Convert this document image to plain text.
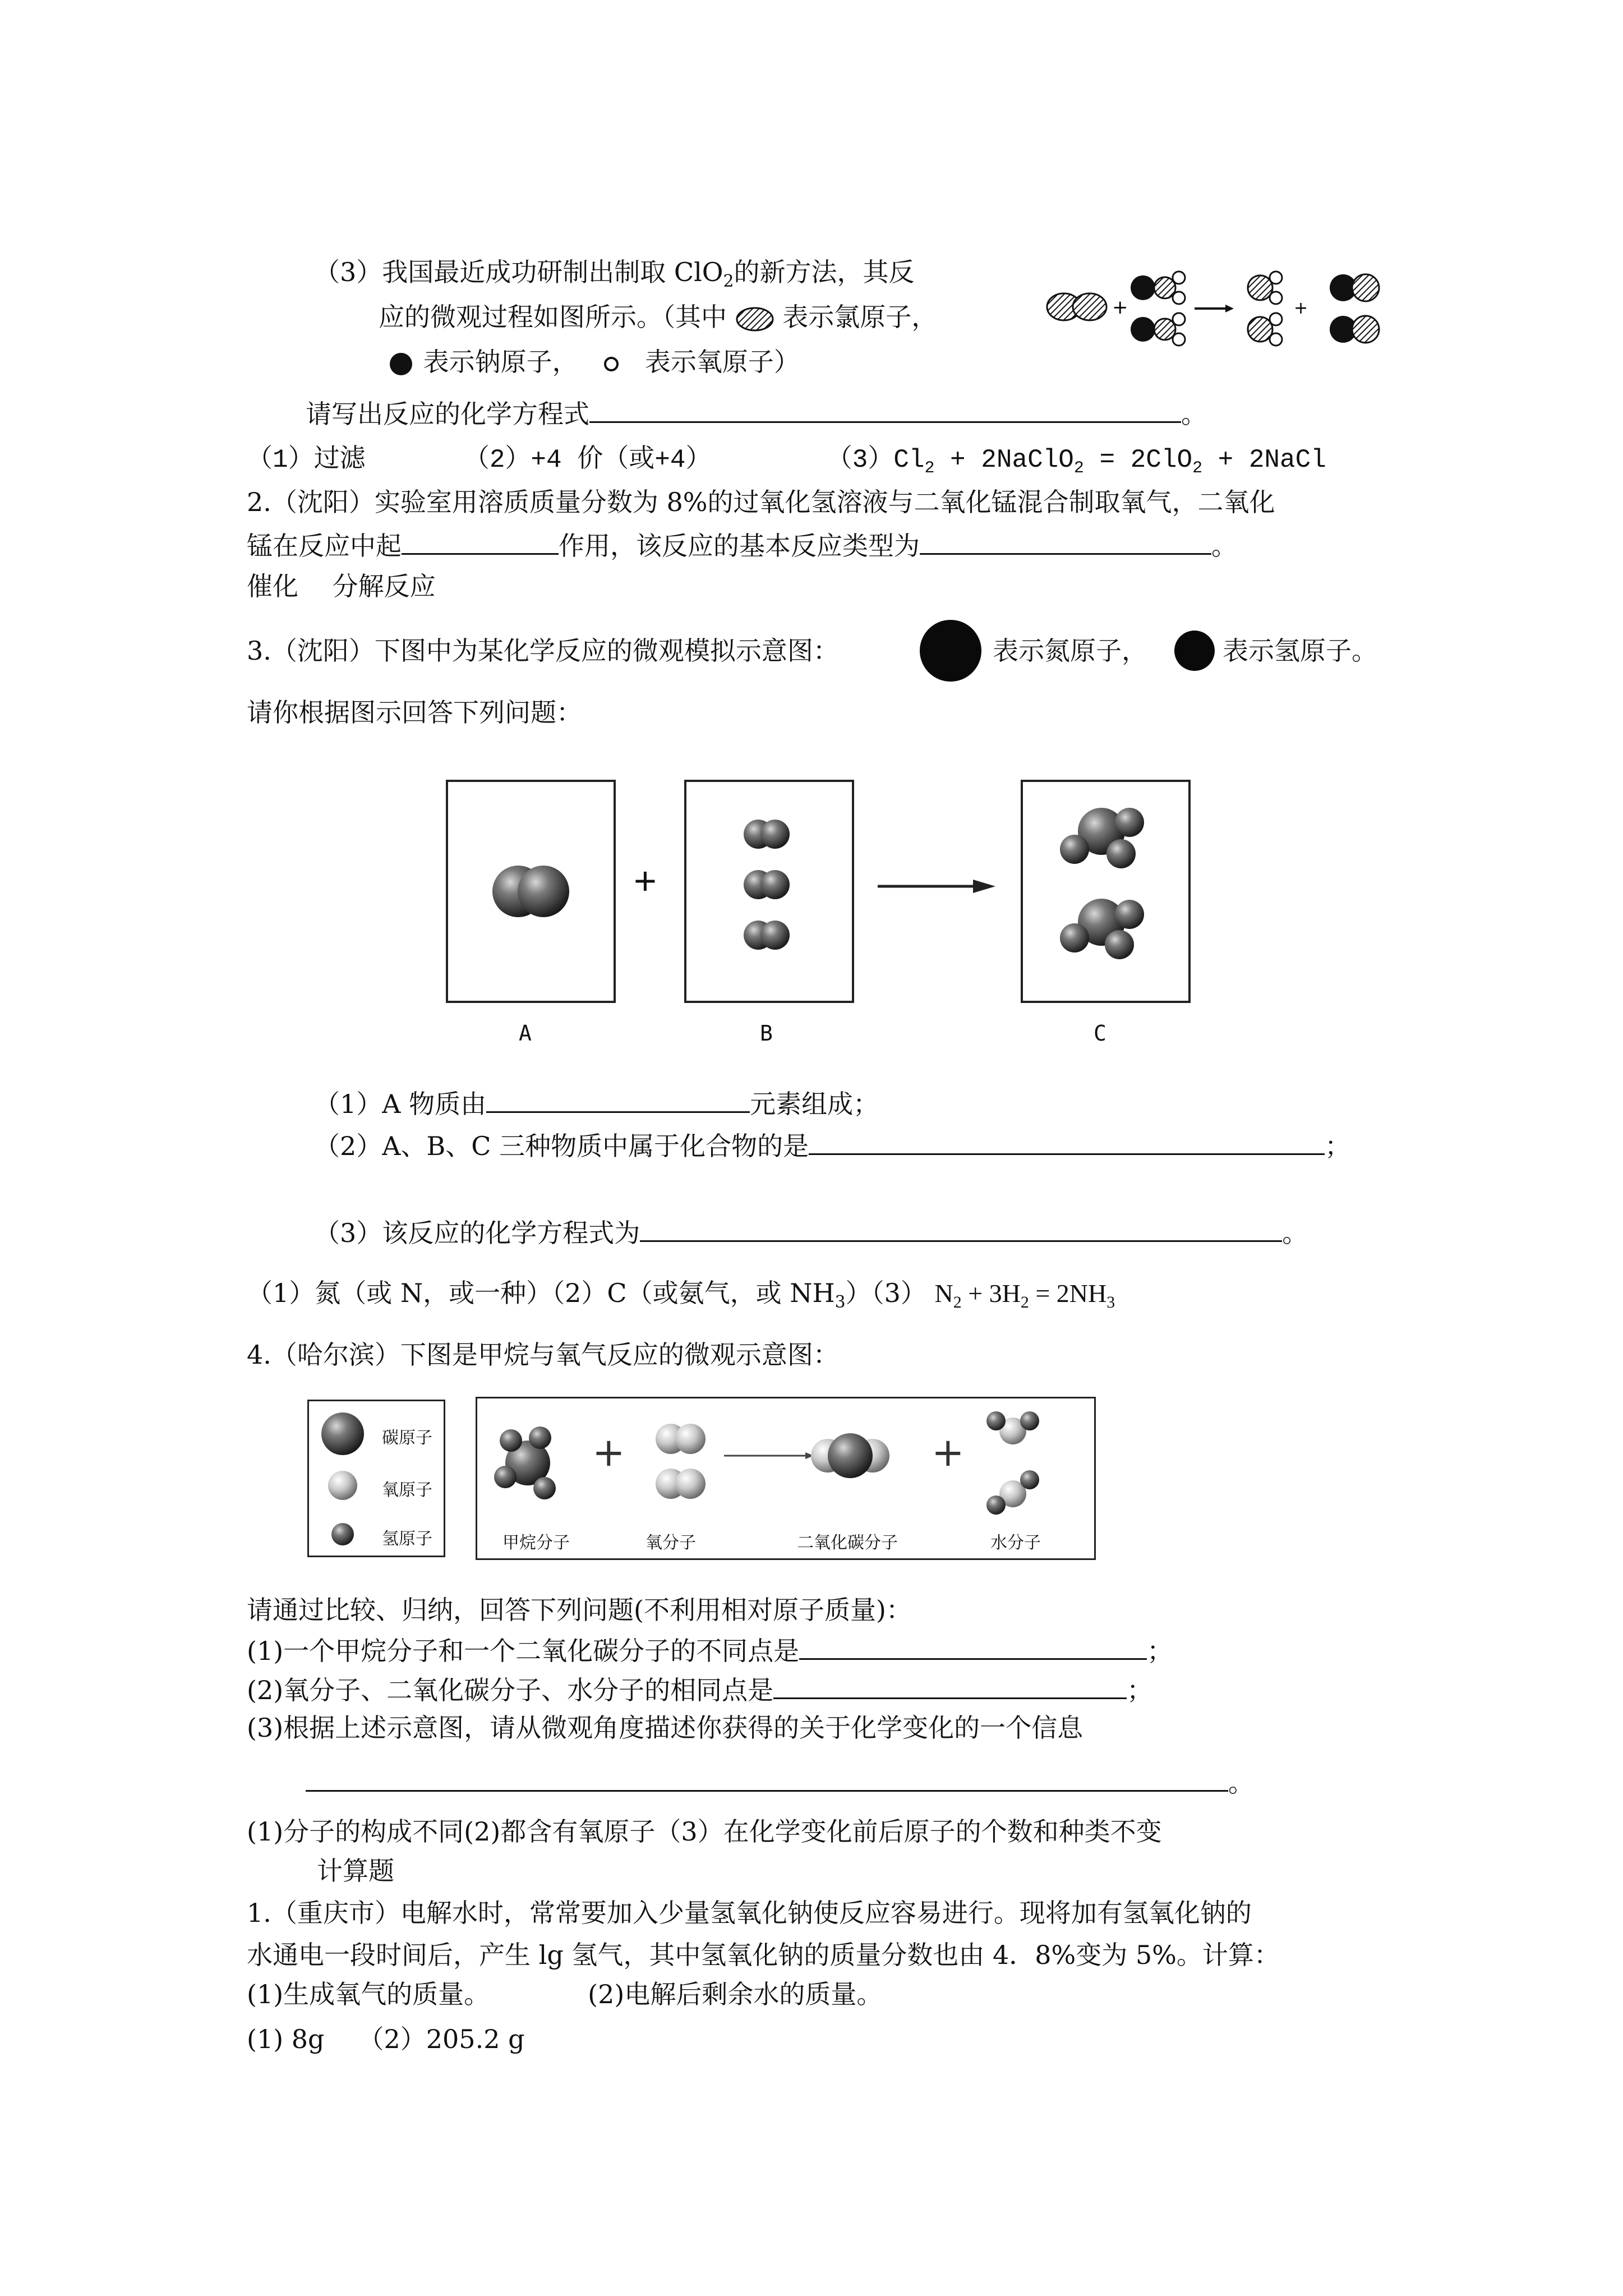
（3）我国最近成功研制出制取 ClO$_2$的新方法，其反
应的微观过程如图所示。（其中 表示氯原子，
表示钠原子，	表示氧原子）
请写出反应的化学方程式	。
+	+
（1）过滤	（2）+4 价（或+4）	$(3)Cl_2$ + 2NaClO$_2$ = 2ClO$_2$ + 2NaCl
2.（沈阳）实验室用溶质质量分数为 8%的过氧化氢溶液与二氧化锰混合制取氧气，二氧化
锰在反应中起	作用，该反应的基本反应类型为	。
催化　 分解反应
3.（沈阳）下图中为某化学反应的微观模拟示意图：	表示氮原子，	表示氢原子。
请你根据图示回答下列问题：
+
A	B	C
（1）A 物质由	元素组成；
（2）A、B、C 三种物质中属于化合物的是	；
（3）该反应的化学方程式为	。
（1）氮（或 N，或一种）（2）C（或氨气，或 $NH_3)(3)$ $N_2 + 3H_2 = 2NH_3$
4.（哈尔滨）下图是甲烷与氧气反应的微观示意图：
碳原子
氧原子
氢原子
+	+
甲烷分子	氧分子	二氧化碳分子	水分子
请通过比较、归纳，回答下列问题(不利用相对原子质量)：
(1)一个甲烷分子和一个二氧化碳分子的不同点是	；
(2)氧分子、二氧化碳分子、水分子的相同点是	；
(3)根据上述示意图，请从微观角度描述你获得的关于化学变化的一个信息
。
(1)分子的构成不同(2)都含有氧原子（3）在化学变化前后原子的个数和种类不变
计算题
1.（重庆市）电解水时，常常要加入少量氢氧化钠使反应容易进行。现将加有氢氧化钠的
水通电一段时间后，产生 lg 氢气，其中氢氧化钠的质量分数也由 4．8%变为 5%。计算：
(1)生成氧气的质量。	(2)电解后剩余水的质量。
(1) 8g （2）205.2 g
